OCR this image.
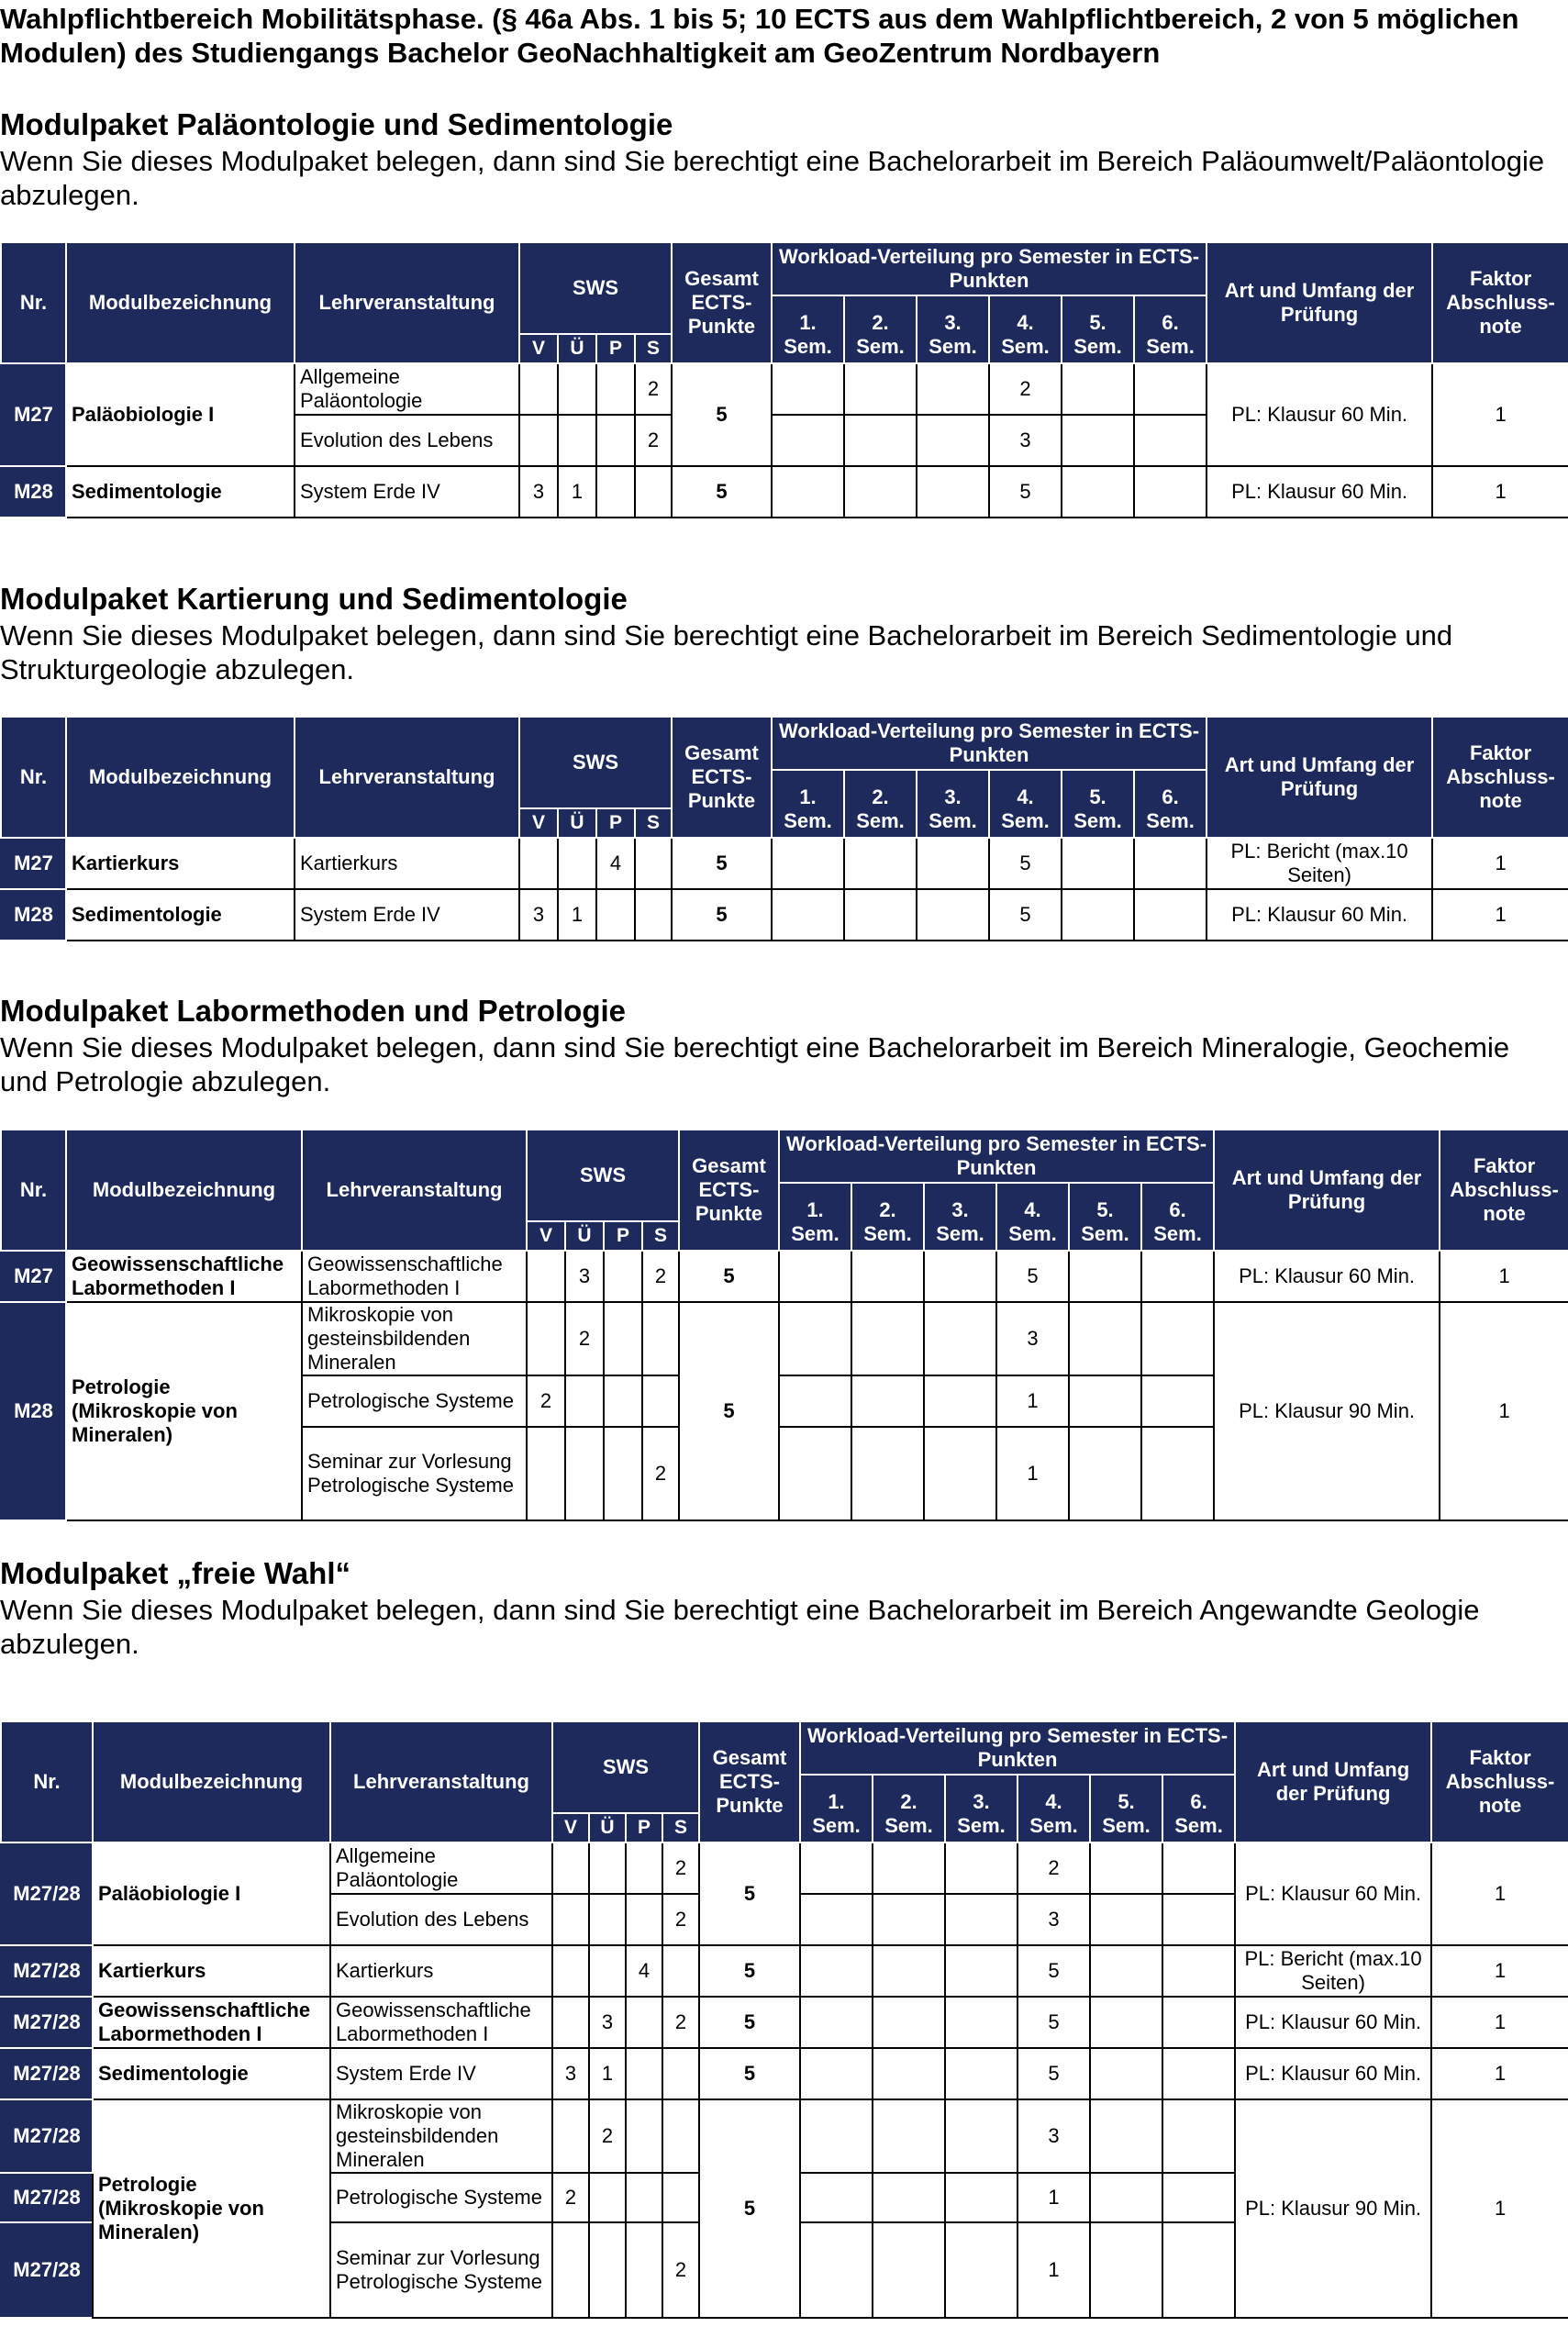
Wahlpflichtbereich Mobilitätsphase. (§ 46a Abs. 1 bis 5; 10 ECTS aus dem Wahlpflichtbereich, 2 von 5 möglichen Modulen) des Studiengangs Bachelor GeoNachhaltigkeit am GeoZentrum Nordbayern

Modulpaket Paläontologie und Sedimentologie

Wenn Sie dieses Modulpaket belegen, dann sind Sie berechtigt eine Bachelorarbeit im Bereich Paläoumwelt/Paläontologie abzulegen.

Nr.	Modulbezeichnung	Lehrveranstaltung	SWS				Gesamt ECTS-Punkte	Workload-Verteilung pro Semester in ECTS-Punkten						Art und Umfang der Prüfung	Faktor Abschluss-note
								1. Sem.	2. Sem.	3. Sem.	4. Sem.	5. Sem.	6. Sem.		
			V	Ü	P	S									
M27	Paläobiologie I	Allgemeine Paläontologie				2	5				2			PL: Klausur 60 Min.	1
		Evolution des Lebens				2					3				
M28	Sedimentologie	System Erde IV	3	1			5				5			PL: Klausur 60 Min.	1

Modulpaket Kartierung und Sedimentologie

Wenn Sie dieses Modulpaket belegen, dann sind Sie berechtigt eine Bachelorarbeit im Bereich Sedimentologie und Strukturgeologie abzulegen.

Nr.	Modulbezeichnung	Lehrveranstaltung	SWS				Gesamt ECTS-Punkte	Workload-Verteilung pro Semester in ECTS-Punkten						Art und Umfang der Prüfung	Faktor Abschluss-note
								1. Sem.	2. Sem.	3. Sem.	4. Sem.	5. Sem.	6. Sem.		
			V	Ü	P	S									
M27	Kartierkurs	Kartierkurs			4		5				5			PL: Bericht (max.10 Seiten)	1
M28	Sedimentologie	System Erde IV	3	1			5				5			PL: Klausur 60 Min.	1

Modulpaket Labormethoden und Petrologie

Wenn Sie dieses Modulpaket belegen, dann sind Sie berechtigt eine Bachelorarbeit im Bereich Mineralogie, Geochemie und Petrologie abzulegen.

Nr.	Modulbezeichnung	Lehrveranstaltung	SWS				Gesamt ECTS-Punkte	Workload-Verteilung pro Semester in ECTS-Punkten						Art und Umfang der Prüfung	Faktor Abschluss-note
								1. Sem.	2. Sem.	3. Sem.	4. Sem.	5. Sem.	6. Sem.		
			V	Ü	P	S									
M27	Geowissenschaftliche Labormethoden I	Geowissenschaftliche Labormethoden I		3		2	5				5			PL: Klausur 60 Min.	1
M28	Petrologie (Mikroskopie von Mineralen)	Mikroskopie von gesteinsbildenden Mineralen		2			5				3			PL: Klausur 90 Min.	1
		Petrologische Systeme	2								1				
		Seminar zur Vorlesung Petrologische Systeme				2					1				

Modulpaket „freie Wahl“

Wenn Sie dieses Modulpaket belegen, dann sind Sie berechtigt eine Bachelorarbeit im Bereich Angewandte Geologie abzulegen.

Nr.	Modulbezeichnung	Lehrveranstaltung	SWS				Gesamt ECTS-Punkte	Workload-Verteilung pro Semester in ECTS-Punkten						Art und Umfang der Prüfung	Faktor Abschluss-note
								1. Sem.	2. Sem.	3. Sem.	4. Sem.	5. Sem.	6. Sem.		
			V	Ü	P	S									
M27/28	Paläobiologie I	Allgemeine Paläontologie				2	5				2			PL: Klausur 60 Min.	1
		Evolution des Lebens				2					3				
M27/28	Kartierkurs	Kartierkurs			4		5				5			PL: Bericht (max.10 Seiten)	1
M27/28	Geowissenschaftliche Labormethoden I	Geowissenschaftliche Labormethoden I		3		2	5				5			PL: Klausur 60 Min.	1
M27/28	Sedimentologie	System Erde IV	3	1			5				5			PL: Klausur 60 Min.	1
M27/28	Petrologie (Mikroskopie von Mineralen)	Mikroskopie von gesteinsbildenden Mineralen		2			5				3			PL: Klausur 90 Min.	1
M27/28		Petrologische Systeme	2								1				
M27/28		Seminar zur Vorlesung Petrologische Systeme				2					1				
